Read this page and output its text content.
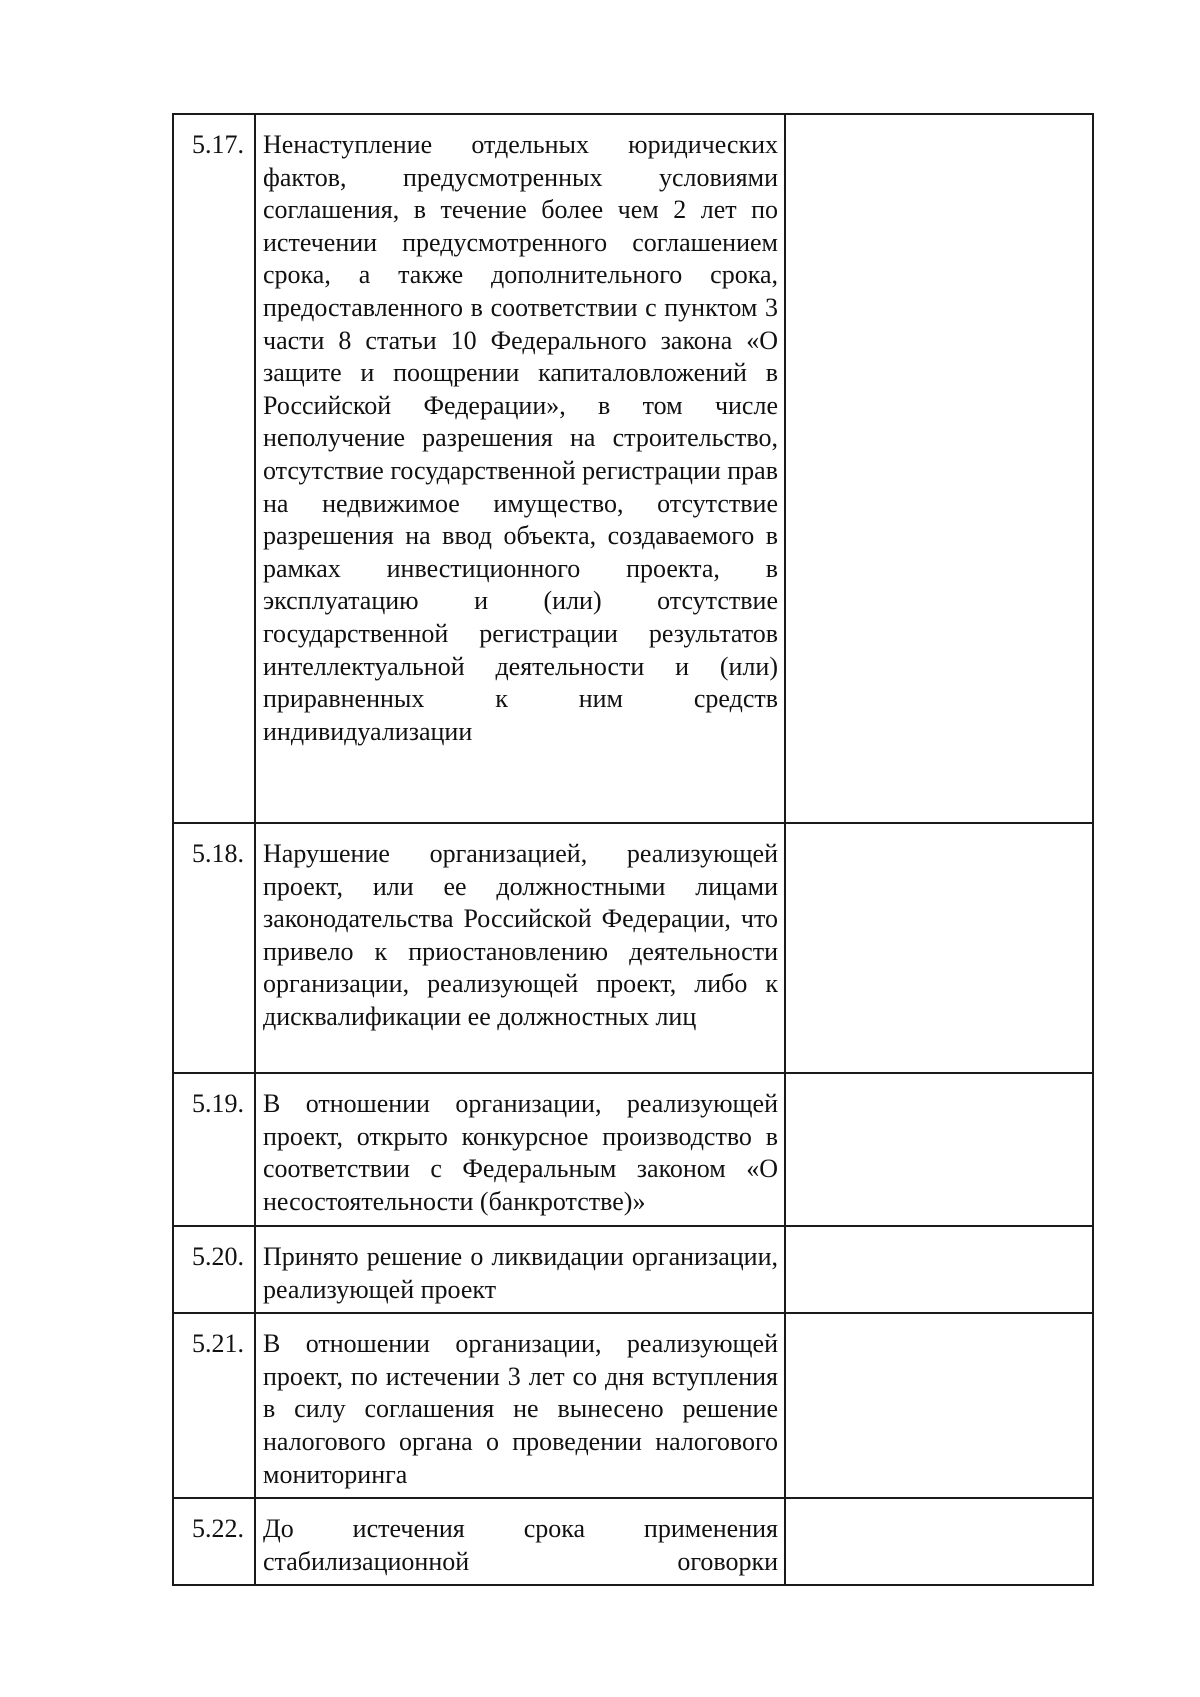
5.17.	Ненаступление отдельных юридических фактов, предусмотренных условиями соглашения, в течение более чем 2 лет по истечении предусмотренного соглашением срока, а также дополнительного срока, предоставленного в соответствии с пунктом 3 части 8 статьи 10 Федерального закона «О защите и поощрении капиталовложений в Российской Федерации», в том числе неполучение разрешения на строительство, отсутствие государственной регистрации прав на недвижимое имущество, отсутствие разрешения на ввод объекта, создаваемого в рамках инвестиционного проекта, в эксплуатацию и (или) отсутствие государственной регистрации результатов интеллектуальной деятельности и (или) приравненных к ним средств индивидуализации	
5.18.	Нарушение организацией, реализующей проект, или ее должностными лицами законодательства Российской Федерации, что привело к приостановлению деятельности организации, реализующей проект, либо к дисквалификации ее должностных лиц	
5.19.	В отношении организации, реализующей проект, открыто конкурсное производство в соответствии с Федеральным законом «О несостоятельности (банкротстве)»	
5.20.	Принято решение о ликвидации организации, реализующей проект	
5.21.	В отношении организации, реализующей проект, по истечении 3 лет со дня вступления в силу соглашения не вынесено решение налогового органа о проведении налогового мониторинга	
5.22.	До истечения срока применения стабилизационной оговорки	
